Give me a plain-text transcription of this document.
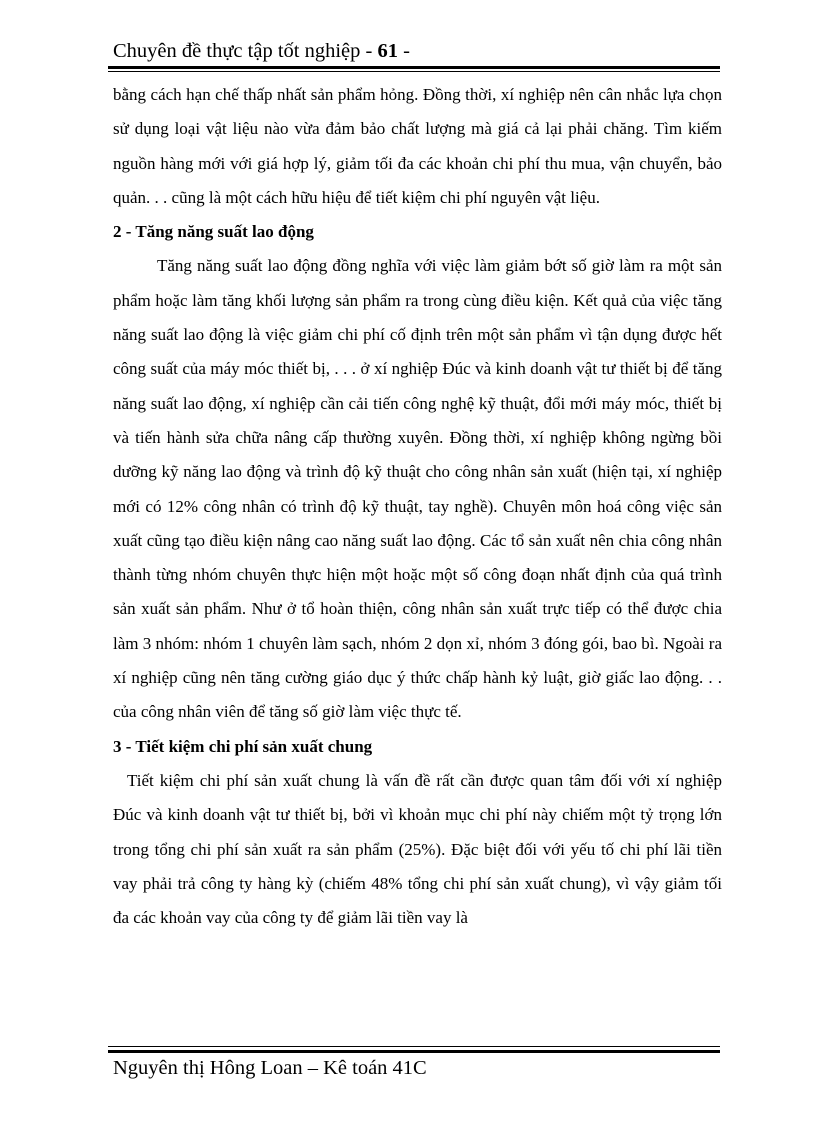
Chuyên đề thực tập tốt nghiệp - 61 -

bằng cách hạn chế thấp nhất sản phẩm hỏng. Đồng thời, xí nghiệp nên cân nhắc lựa chọn sử dụng loại vật liệu nào vừa đảm bảo chất lượng mà giá cả lại phải chăng. Tìm kiếm nguồn hàng mới với giá hợp lý, giảm tối đa các khoản chi phí thu mua, vận chuyển, bảo quản. . . cũng là một cách hữu hiệu để tiết kiệm chi phí nguyên vật liệu.

2 - Tăng năng suất lao động

Tăng năng suất lao động đồng nghĩa với việc làm giảm bớt số giờ làm ra một sản phẩm hoặc làm tăng khối lượng sản phẩm ra trong cùng điều kiện. Kết quả của việc tăng năng suất lao động là việc giảm chi phí cố định trên một sản phẩm vì tận dụng được hết công suất của máy móc thiết bị, . . . ở xí nghiệp Đúc và kinh doanh vật tư thiết bị để tăng năng suất lao động, xí nghiệp cần cải tiến công nghệ kỹ thuật, đổi mới máy móc, thiết bị và tiến hành sửa chữa nâng cấp thường xuyên. Đồng thời, xí nghiệp không ngừng bồi dưỡng kỹ năng lao động và trình độ kỹ thuật cho công nhân sản xuất (hiện tại, xí nghiệp mới có 12% công nhân có trình độ kỹ thuật, tay nghề). Chuyên môn hoá công việc sản xuất cũng tạo điều kiện nâng cao năng suất lao động. Các tổ sản xuất nên chia công nhân thành từng nhóm chuyên thực hiện một hoặc một số công đoạn nhất định của quá trình sản xuất sản phẩm. Như ở tổ hoàn thiện, công nhân sản xuất trực tiếp có thể được chia làm 3 nhóm: nhóm 1 chuyên làm sạch, nhóm 2 dọn xỉ, nhóm 3 đóng gói, bao bì. Ngoài ra xí nghiệp cũng nên tăng cường giáo dục ý thức chấp hành kỷ luật, giờ giấc lao động. . . của công nhân viên để tăng số giờ làm việc thực tế.

3 - Tiết kiệm chi phí sản xuất chung

Tiết kiệm chi phí sản xuất chung là vấn đề rất cần được quan tâm đối với xí nghiệp Đúc và kinh doanh vật tư thiết bị, bởi vì khoản mục chi phí này chiếm một tỷ trọng lớn trong tổng chi phí sản xuất ra sản phẩm (25%). Đặc biệt đối với yếu tố chi phí lãi tiền vay phải trả công ty hàng kỳ (chiếm 48% tổng chi phí sản xuất chung), vì vậy giảm tối đa các khoản vay của công ty để giảm lãi tiền vay là

Nguyên thị Hông Loan – Kê toán 41C
